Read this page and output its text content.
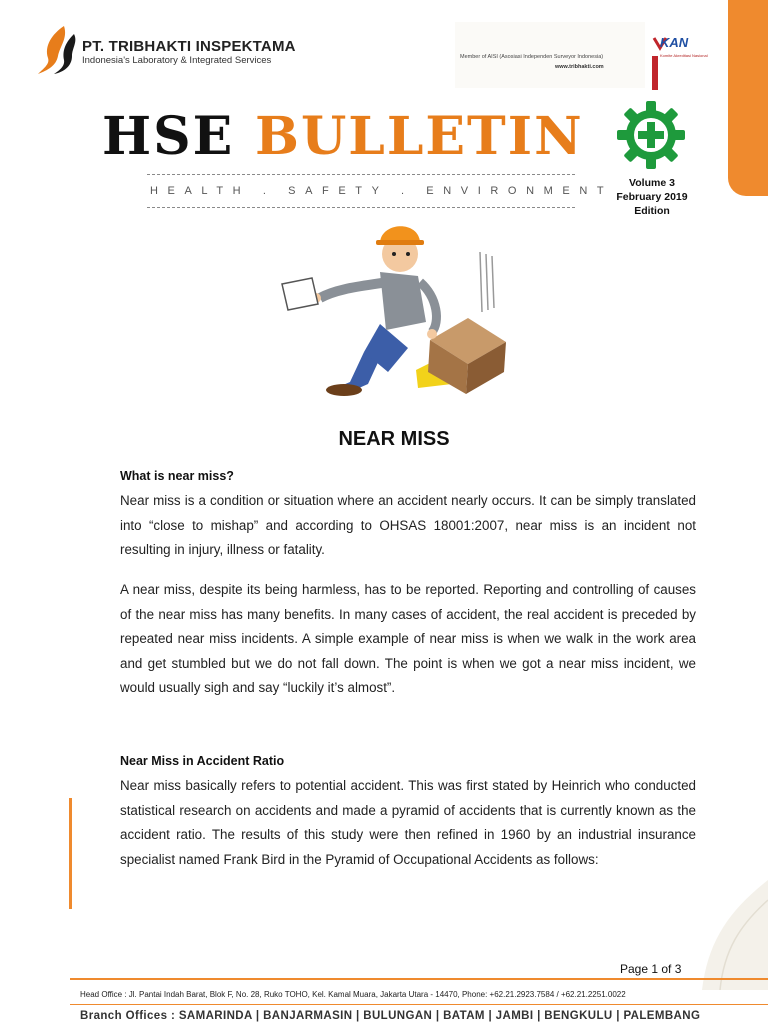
PT. TRIBHAKTI INSPEKTAMA
Indonesia's Laboratory & Integrated Services	Member of AISI (Asosiasi Independen Surveyor Indonesia)
www.tribhakti.com
KAN
Komite Akreditasi Nasional
HSE BULLETIN
HEALTH . SAFETY . ENVIRONMENT
Volume 3
February 2019 Edition
NEAR MISS
What is near miss?
Near miss is a condition or situation where an accident nearly occurs. It can be simply translated into “close to mishap” and according to OHSAS 18001:2007, near miss is an incident not resulting in injury, illness or fatality.
A near miss, despite its being harmless, has to be reported. Reporting and controlling of causes of the near miss has many benefits. In many cases of accident, the real accident is preceded by repeated near miss incidents. A simple example of near miss is when we walk in the work area and get stumbled but we do not fall down. The point is when we got a near miss incident, we would usually sigh and say “luckily it’s almost”.
Near Miss in Accident Ratio
Near miss basically refers to potential accident. This was first stated by Heinrich who conducted statistical research on accidents and made a pyramid of accidents that is currently known as the accident ratio. The results of this study were then refined in 1960 by an industrial insurance specialist named Frank Bird in the Pyramid of Occupational Accidents as follows:
Page 1 of 3
Head Office : Jl. Pantai Indah Barat, Blok F, No. 28, Ruko TOHO, Kel. Kamal Muara, Jakarta Utara - 14470, Phone: +62.21.2923.7584 / +62.21.2251.0022
Branch Offices : SAMARINDA | BANJARMASIN | BULUNGAN | BATAM | JAMBI | BENGKULU | PALEMBANG
